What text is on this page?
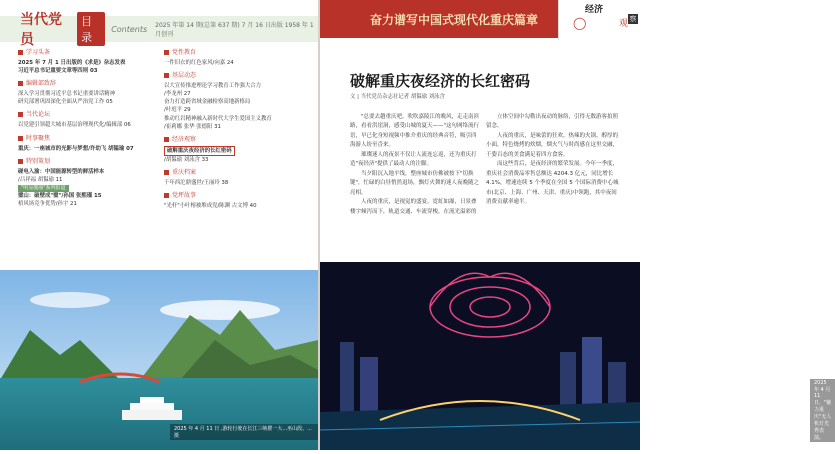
当代党员
目录
Contents 2025 年第 14 期(总第 637 期) 7 月 16 日出版 1958 年 1 月创刊
学习头条
2025 年 7 月 1 日出版的《求是》杂志发表
习近平总书记重要文章等四则 03
编辑部致辞
深入学习贯彻习近平总书记重要讲话精神
研究部署巩固深化全面从严治党工作 05
当代论坛
以党建引领超大城市基层治理现代化/编辑部 06
时事聚焦
重庆：一座城市的光影与梦想/许幼飞 胡韫瑜 07
特别策划
碰电入渝：中国能源转型的鲜活样本
/吕祥福 胡韫瑜 11
"明显靓丽"系列报道
璧山：破壁成"璧"/孙国 张熙瑾 15
梧风场竞争优势/孙宇 21
党性教育
一件旧衣的红色家风/向嘉 24
基层动态
以大宣传推进理论学习教育工作强大合力
/李龙州 27
奋力打造跨省域金融检察高地新格局
/叶庭平 29
推动红岩精神融入新时代大学生爱国主义教育
/崔莉娜 张华 张德阳 31
经济观察
破解重庆夜经济的长红密码
/胡韫瑜 刘泳含 33
重庆档案
千年西沱鼎盛世/王丽玲 38
党坪故事
"光杆"小叶榕被堆成党/陈渊 古文博 40
2025 年 4 月 11 日 ,游轮行驶在长江三峡瞿一大...巫山段。...摄
奋力谱写中国式现代化重庆篇章
经济
◯	观 察
破解重庆夜经济的长红密码
文 | 当代党员杂志社记者 胡韫瑜 刘泳含

"总要去趟重庆吧，吹吹嘉陵江的晚风，走走南滨路，看看洪崖洞，感受山城的夏天——"这句网络流行语，早已化身短视频中推介重庆的经典音符，吸引四海游人纷至沓来。

璀璨迷人的夜景不仅让人流连忘返，还为重庆打造"夜经济"提供了最动人的注脚。

当夕阳沉入地平线，整座城市仿佛被按下"切换键"，忙碌的白昼悄然退场，飘灯火舞的迷人夜晚随之亮相。

人夜的重庆，是视觉的盛宴。霓虹如瀑，日景叠楼宇倾泻而下，轨道交通、车流穿梭，在流光溢彩的

立体空间中勾勒出夜动的脉络，引得无数游客拍照留念。

人夜的重庆，是味蕾的狂欢。热辣的火锅、醇厚的小面，特色烧烤的炊烟，烟火气与时尚感在这里交融，千姿百态的美食满足着四方食客。

而这些背后，是夜经济的繁荣发展。今年一季度，重庆社会消费品零售总额达 4204.3 亿元，同比增长 4.1%，增速连续 5 个季度在全国 5 个国际消费中心城市(北京、上海、广州、天津、重庆)中领跑，其中夜间消费贡献率逾半。

2025 年 4 月 11 日，"魅力重庆"无人机灯光秀表演。
